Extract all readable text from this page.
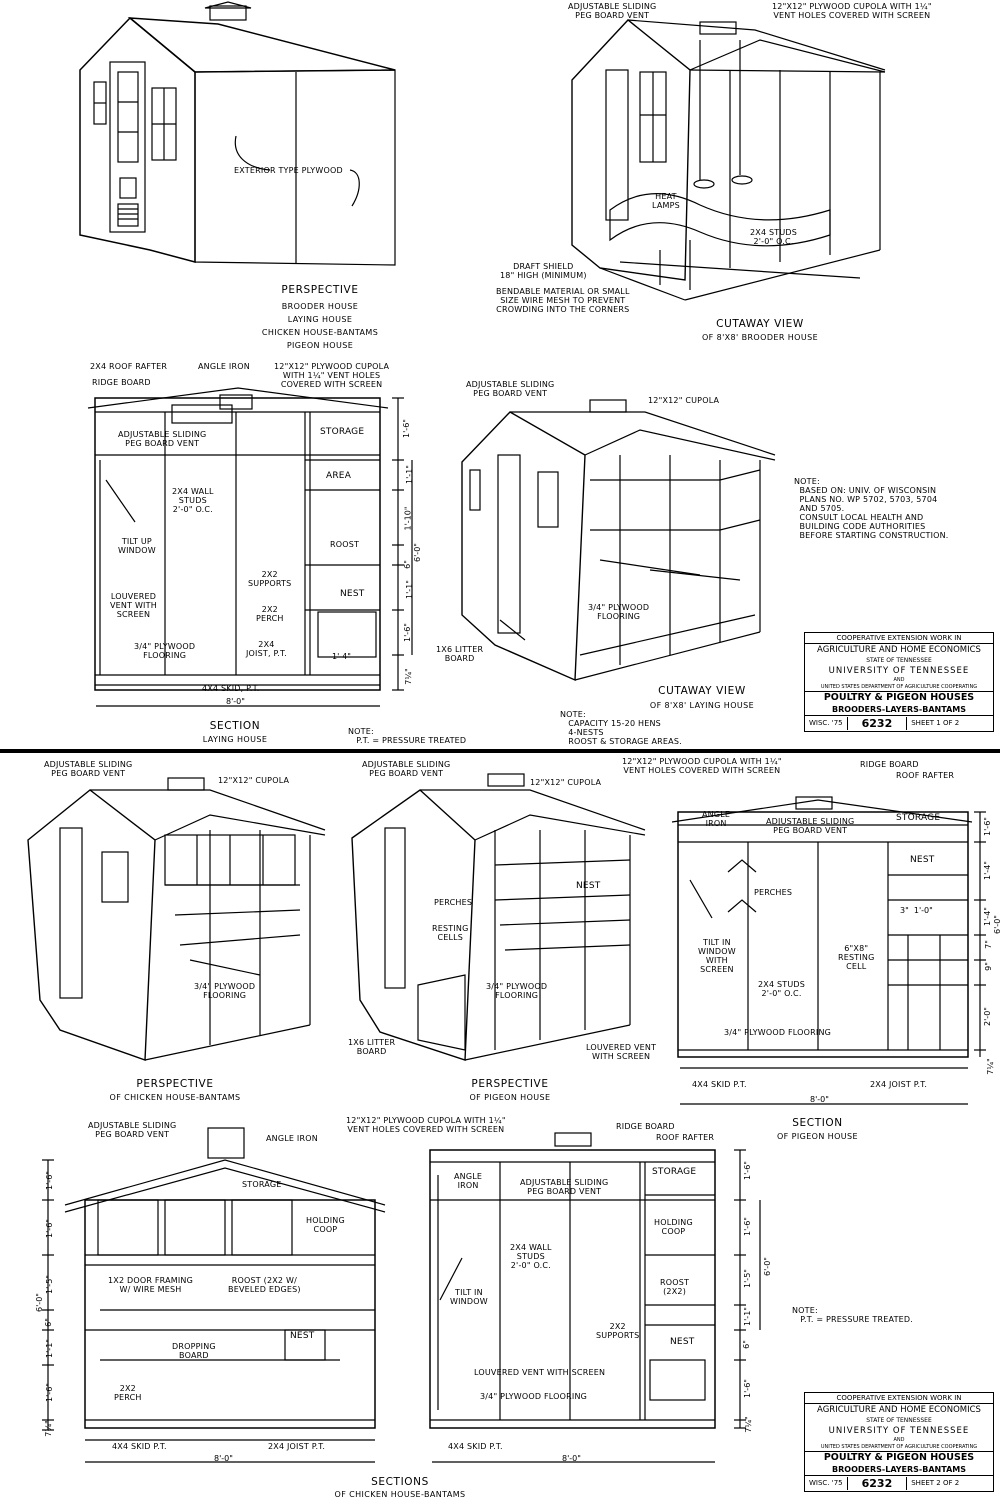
EXTERIOR TYPE PLYWOOD
PERSPECTIVE
BROODER HOUSE
LAYING HOUSE
CHICKEN HOUSE-BANTAMS
PIGEON HOUSE
ADJUSTABLE SLIDING
PEG BOARD VENT
12"X12" PLYWOOD CUPOLA WITH 1¼"
VENT HOLES COVERED WITH SCREEN
HEAT
LAMPS
2X4 STUDS
2'-0" O.C.
DRAFT SHIELD
18" HIGH (MINIMUM)
BENDABLE MATERIAL OR SMALL
SIZE WIRE MESH TO PREVENT
CROWDING INTO THE CORNERS
CUTAWAY VIEW
OF 8'X8' BROODER HOUSE
2X4 ROOF RAFTER	ANGLE IRON	12"X12" PLYWOOD CUPOLA
WITH 1¼" VENT HOLES
COVERED WITH SCREEN
RIDGE BOARD
ADJUSTABLE SLIDING
PEG BOARD VENT
STORAGE
AREA
2X4 WALL
STUDS
2'-0" O.C.
TILT UP
WINDOW
ROOST
2X2
SUPPORTS
LOUVERED
VENT WITH
SCREEN
NEST
2X2
PERCH
3/4" PLYWOOD
FLOORING
2X4
JOIST, P.T.	1'-4"
4X4 SKID, P.T.
8'-0"
1'-6"
1'-1"
1'-10"
6'-0"
6"
1'-1"
1'-6"
7¼"
SECTION
LAYING HOUSE
NOTE:
P.T. = PRESSURE TREATED
ADJUSTABLE SLIDING
PEG BOARD VENT
12"X12" CUPOLA
3/4" PLYWOOD
FLOORING
1X6 LITTER
BOARD
CUTAWAY VIEW
OF 8'X8' LAYING HOUSE
NOTE:
CAPACITY 15-20 HENS
4-NESTS
ROOST & STORAGE AREAS.
NOTE:
BASED ON: UNIV. OF WISCONSIN
PLANS NO. WP 5702, 5703, 5704
AND 5705.
CONSULT LOCAL HEALTH AND
BUILDING CODE AUTHORITIES
BEFORE STARTING CONSTRUCTION.
COOPERATIVE EXTENSION WORK IN
AGRICULTURE AND HOME ECONOMICS
STATE OF TENNESSEE
UNIVERSITY OF TENNESSEE
AND
UNITED STATES DEPARTMENT OF AGRICULTURE COOPERATING
POULTRY & PIGEON HOUSES
BROODERS-LAYERS-BANTAMS
WISC. '75	6232	SHEET 1 OF 2
ADJUSTABLE SLIDING
PEG BOARD VENT
12"X12" CUPOLA
3/4" PLYWOOD
FLOORING
PERSPECTIVE
OF CHICKEN HOUSE-BANTAMS
ADJUSTABLE SLIDING
PEG BOARD VENT
12"X12" CUPOLA
NEST
PERCHES
RESTING
CELLS
3/4" PLYWOOD
FLOORING
1X6 LITTER
BOARD	LOUVERED VENT
WITH SCREEN
PERSPECTIVE
OF PIGEON HOUSE
12"X12" PLYWOOD CUPOLA WITH 1¼"
VENT HOLES COVERED WITH SCREEN
RIDGE BOARD
ROOF RAFTER
ANGLE
IRON	ADJUSTABLE SLIDING
PEG BOARD VENT
STORAGE
NEST
PERCHES
3"  1'-0"
TILT IN
WINDOW
WITH
SCREEN
6"X8"
RESTING
CELL
2X4 STUDS
2'-0" O.C.
3/4" PLYWOOD FLOORING
4X4 SKID P.T.	2X4 JOIST P.T.
8'-0"
1'-6"
1'-4"
1'-4" 6'-0"
9"
7"
2'-0"
7¼"
SECTION
OF PIGEON HOUSE
ADJUSTABLE SLIDING
PEG BOARD VENT	ANGLE IRON
STORAGE
HOLDING
COOP
1X2 DOOR FRAMING
W/ WIRE MESH
ROOST (2X2 W/
BEVELED EDGES)
NEST
DROPPING
BOARD
2X2
PERCH
4X4 SKID P.T.	2X4 JOIST P.T.
8'-0"
1'-6"
1'-6"
1'-5"
6'-0"
6"
1'-1"
1'-6"
7¼"
SECTIONS
OF CHICKEN HOUSE-BANTAMS
12"X12" PLYWOOD CUPOLA WITH 1¼"
VENT HOLES COVERED WITH SCREEN	RIDGE BOARD
ROOF RAFTER
ANGLE
IRON	ADJUSTABLE SLIDING
PEG BOARD VENT
STORAGE
HOLDING
COOP
2X4 WALL
STUDS
2'-0" O.C.
TILT IN
WINDOW
ROOST
(2X2)
2X2
SUPPORTS
NEST
LOUVERED VENT WITH SCREEN
3/4" PLYWOOD FLOORING
4X4 SKID P.T.
8'-0"
1'-6"
1'-6"
1'-5"
6'-0"
1'-1"
6"
1'-6"
7¼"
NOTE:
P.T. = PRESSURE TREATED.
COOPERATIVE EXTENSION WORK IN
AGRICULTURE AND HOME ECONOMICS
STATE OF TENNESSEE
UNIVERSITY OF TENNESSEE
AND
UNITED STATES DEPARTMENT OF AGRICULTURE COOPERATING
POULTRY & PIGEON HOUSES
BROODERS-LAYERS-BANTAMS
WISC. '75	6232	SHEET 2 OF 2
